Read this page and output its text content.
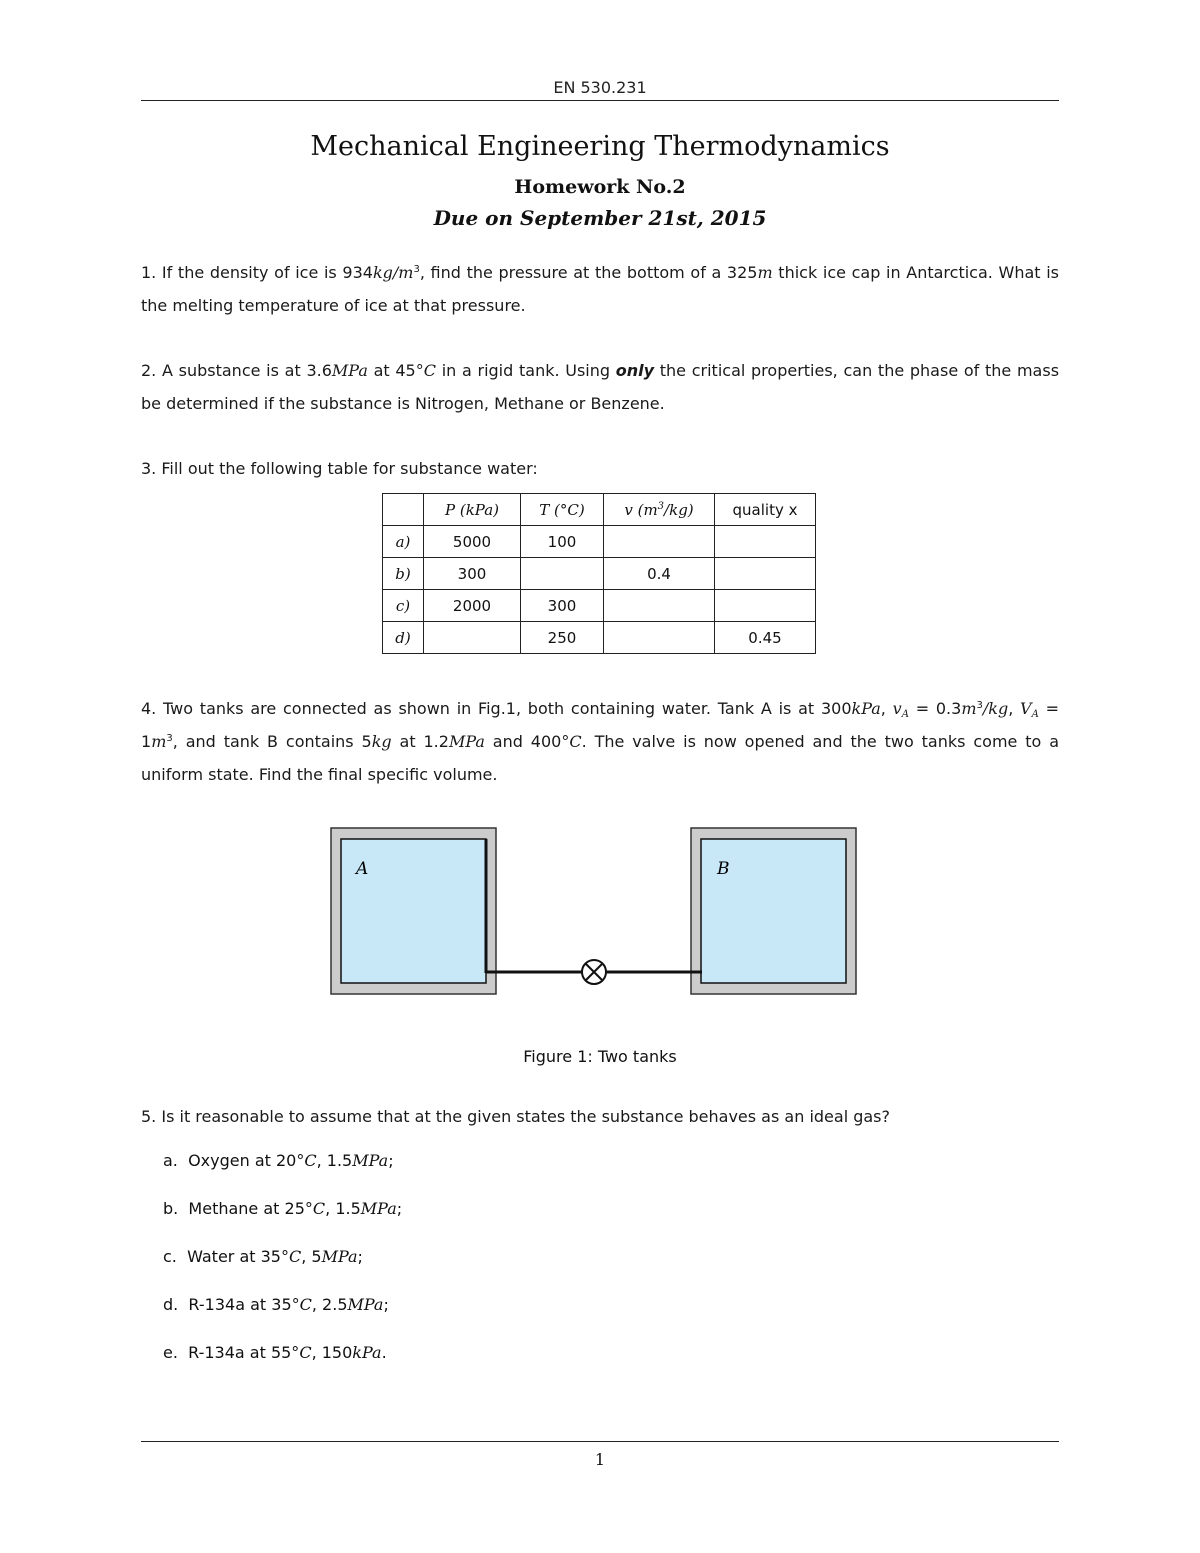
EN 530.231
Mechanical Engineering Thermodynamics
Homework No.2
Due on September 21st, 2015

1. If the density of ice is $934kg/m^3$, find the pressure at the bottom of a 325m thick ice cap in Antarctica. What is the melting temperature of ice at that pressure.

2. A substance is at 3.6MPa at 45°C in a rigid tank. Using only the critical properties, can the phase of the mass be determined if the substance is Nitrogen, Methane or Benzene.

3. Fill out the following table for substance water:

	P (kPa)	T (°C)	v $(m^3/kg)$	quality x
a)	5000	100		
b)	300		0.4	
c)	2000	300		
d)		250		0.45

4. Two tanks are connected as shown in Fig.1, both containing water. Tank A is at 300kPa, $v_A = 0.3m^3/kg$, $V_A = 1m^3$, and tank B contains 5kg at 1.2MPa and 400°C. The valve is now opened and the two tanks come to a uniform state. Find the final specific volume.

A	B
Figure 1: Two tanks

5. Is it reasonable to assume that at the given states the substance behaves as an ideal gas?

a. Oxygen at 20°C, 1.5MPa;
b. Methane at 25°C, 1.5MPa;
c. Water at 35°C, 5MPa;
d. R-134a at 35°C, 2.5MPa;
e. R-134a at 55°C, 150kPa.
1
